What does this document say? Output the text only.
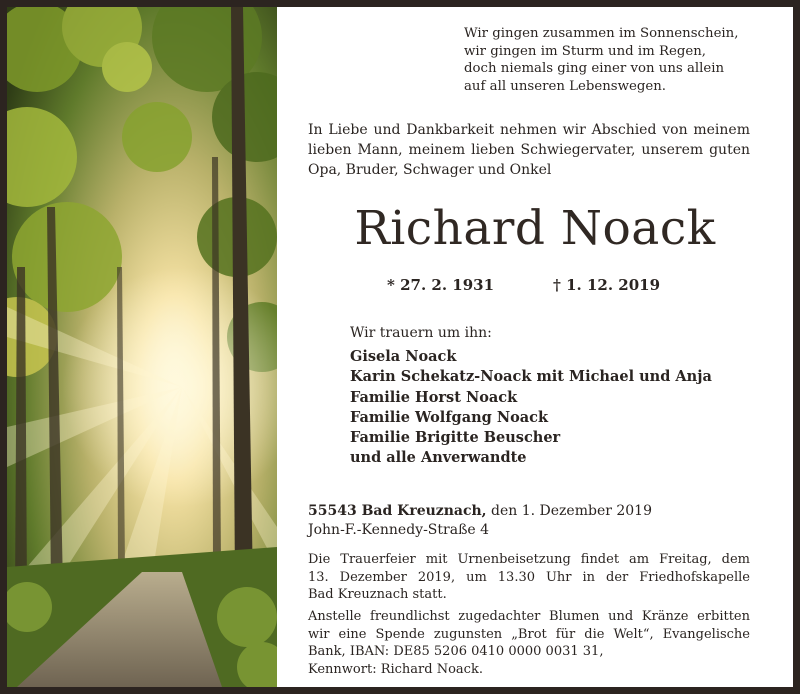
Wir gingen zusammen im Sonnenschein,
wir gingen im Sturm und im Regen,
doch niemals ging einer von uns allein
auf all unseren Lebenswegen.
In Liebe und Dankbarkeit nehmen wir Abschied von meinem lieben Mann, meinem lieben Schwiegervater, unserem guten Opa, Bruder, Schwager und Onkel
Richard Noack
* 27. 2. 1931	† 1. 12. 2019
Wir trauern um ihn:
Gisela Noack
Karin Schekatz-Noack mit Michael und Anja
Familie Horst Noack
Familie Wolfgang Noack
Familie Brigitte Beuscher
und alle Anverwandte
55543 Bad Kreuznach, den 1. Dezember 2019
John-F.-Kennedy-Straße 4
Die Trauerfeier mit Urnenbeisetzung findet am Freitag, dem
13. Dezember 2019, um 13.30 Uhr in der Friedhofskapelle
Bad Kreuznach statt.
Anstelle freundlichst zugedachter Blumen und Kränze erbitten
wir eine Spende zugunsten „Brot für die Welt“, Evangelische
Bank, IBAN: DE85 5206 0410 0000 0031 31,
Kennwort: Richard Noack.
